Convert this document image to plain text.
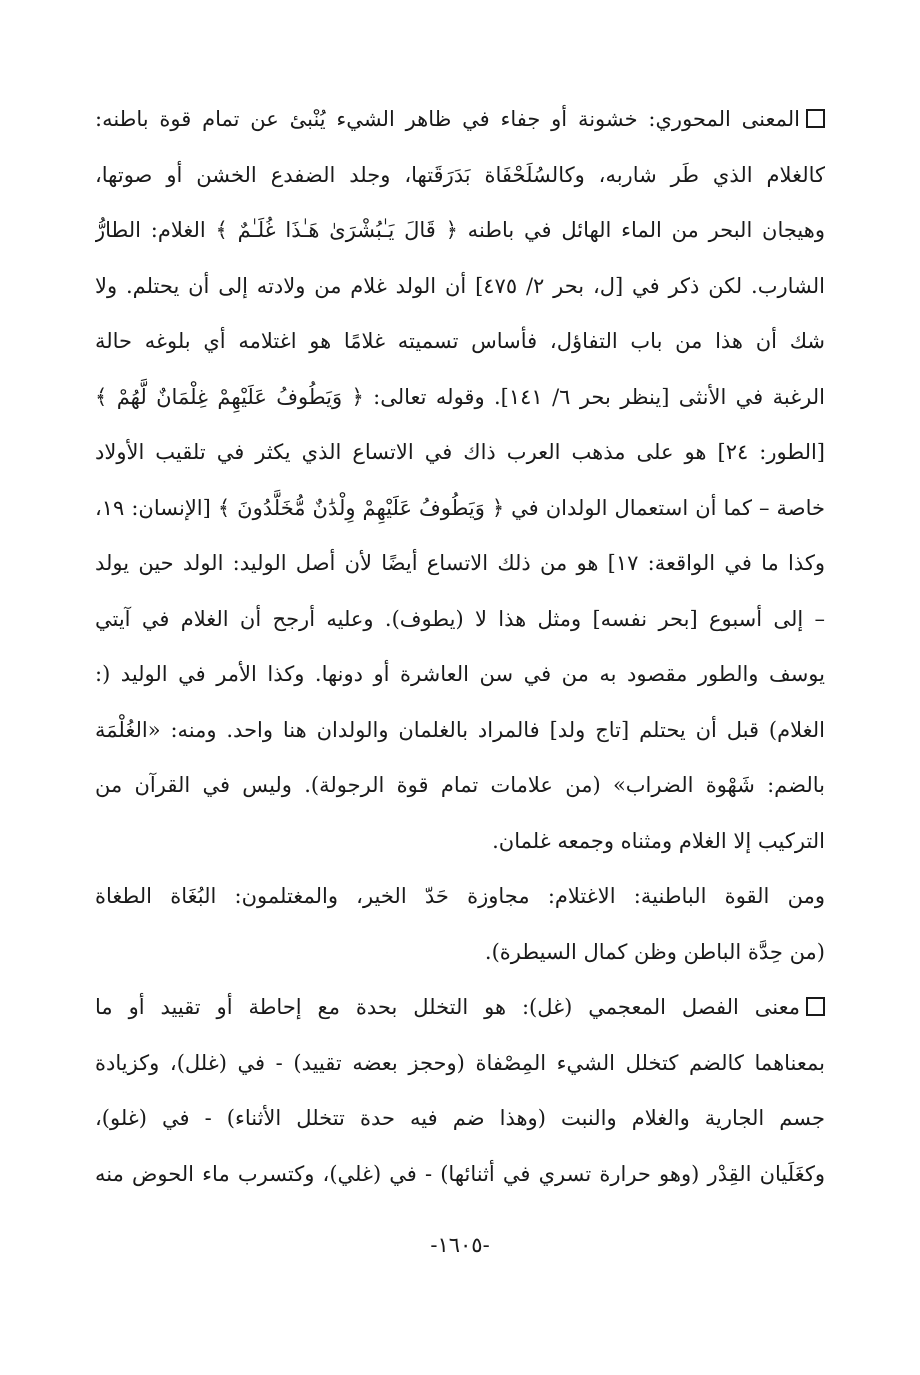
المعنى المحوري: خشونة أو جفاء في ظاهر الشيء يُنْبئ عن تمام قوة باطنه:
كالغلام الذي طَر شاربه، وكالسُلَحْفَاة بَدَرَقَتها، وجلد الضفدع الخشن أو صوتها،
وهيجان البحر من الماء الهائل في باطنه ﴿ قَالَ يَـٰبُشْرَىٰ هَـٰذَا غُلَـٰمٌ ﴾ الغلام: الطارُّ
الشارب. لكن ذكر في [ل، بحر ٢/ ٤٧٥] أن الولد غلام من ولادته إلى أن يحتلم. ولا
شك أن هذا من باب التفاؤل، فأساس تسميته غلامًا هو اغتلامه أي بلوغه حالة
الرغبة في الأنثى [ينظر بحر ٦/ ١٤١]. وقوله تعالى: ﴿ وَيَطُوفُ عَلَيْهِمْ غِلْمَانٌ لَّهُمْ ﴾
[الطور: ٢٤] هو على مذهب العرب ذاك في الاتساع الذي يكثر في تلقيب الأولاد
خاصة – كما أن استعمال الولدان في ﴿ وَيَطُوفُ عَلَيْهِمْ وِلْدَٰنٌ مُّخَلَّدُونَ ﴾ [الإنسان: ١٩،
وكذا ما في الواقعة: ١٧] هو من ذلك الاتساع أيضًا لأن أصل الوليد: الولد حين يولد
– إلى أسبوع [بحر نفسه] ومثل هذا لا (يطوف). وعليه أرجح أن الغلام في آيتي
يوسف والطور مقصود به من في سن العاشرة أو دونها. وكذا الأمر في الوليد (:
الغلام) قبل أن يحتلم [تاج ولد] فالمراد بالغلمان والولدان هنا واحد. ومنه: «الغُلْمَة
بالضم: شَهْوة الضراب» (من علامات تمام قوة الرجولة). وليس في القرآن من
التركيب إلا الغلام ومثناه وجمعه غلمان.
ومن القوة الباطنية: الاغتلام: مجاوزة حَدّ الخير، والمغتلمون: البُغَاة الطغاة
(من حِدَّة الباطن وظن كمال السيطرة).
معنى الفصل المعجمي (غل): هو التخلل بحدة مع إحاطة أو تقييد أو ما
بمعناهما كالضم كتخلل الشيء المِصْفاة (وحجز بعضه تقييد) - في (غلل)، وكزيادة
جسم الجارية والغلام والنبت (وهذا ضم فيه حدة تتخلل الأثناء) - في (غلو)،
وكغَلَيان القِدْر (وهو حرارة تسري في أثنائها) - في (غلي)، وكتسرب ماء الحوض منه
-١٦٠٥-
